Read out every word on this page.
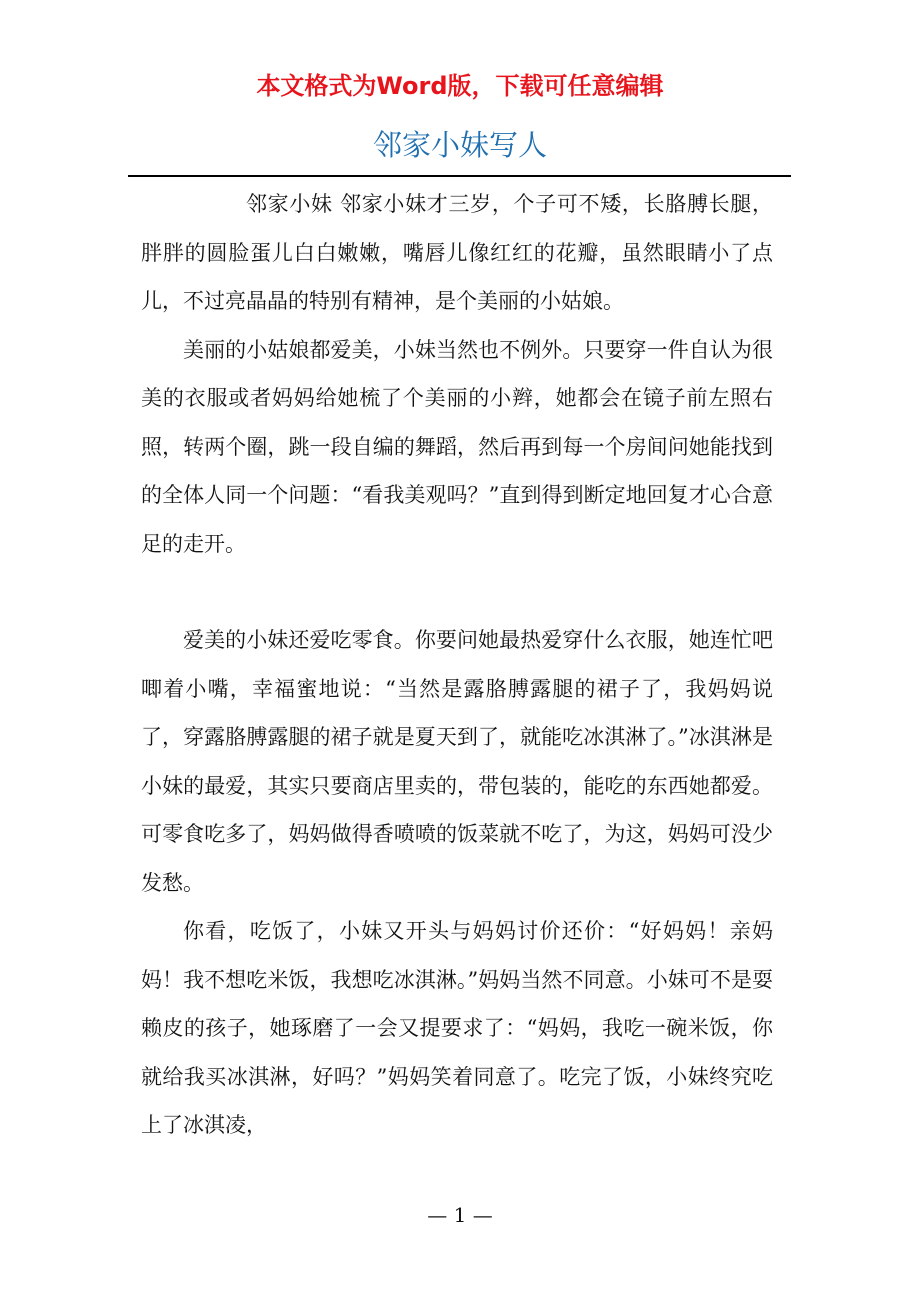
本文格式为Word版，下载可任意编辑
邻家小妹写人

邻家小妹 邻家小妹才三岁，个子可不矮，长胳膊长腿，胖胖的圆脸蛋儿白白嫩嫩，嘴唇儿像红红的花瓣，虽然眼睛小了点儿，不过亮晶晶的特别有精神，是个美丽的小姑娘。

美丽的小姑娘都爱美，小妹当然也不例外。只要穿一件自认为很美的衣服或者妈妈给她梳了个美丽的小辫，她都会在镜子前左照右照，转两个圈，跳一段自编的舞蹈，然后再到每一个房间问她能找到的全体人同一个问题：“看我美观吗？”直到得到断定地回复才心合意足的走开。

爱美的小妹还爱吃零食。你要问她最热爱穿什么衣服，她连忙吧唧着小嘴，幸福蜜地说：“当然是露胳膊露腿的裙子了，我妈妈说了，穿露胳膊露腿的裙子就是夏天到了，就能吃冰淇淋了。”冰淇淋是小妹的最爱，其实只要商店里卖的，带包装的，能吃的东西她都爱。可零食吃多了，妈妈做得香喷喷的饭菜就不吃了，为这，妈妈可没少发愁。

你看，吃饭了，小妹又开头与妈妈讨价还价：“好妈妈！亲妈妈！我不想吃米饭，我想吃冰淇淋。”妈妈当然不同意。小妹可不是耍赖皮的孩子，她琢磨了一会又提要求了：“妈妈，我吃一碗米饭，你就给我买冰淇淋，好吗？”妈妈笑着同意了。吃完了饭，小妹终究吃上了冰淇凌，

— 1 —
